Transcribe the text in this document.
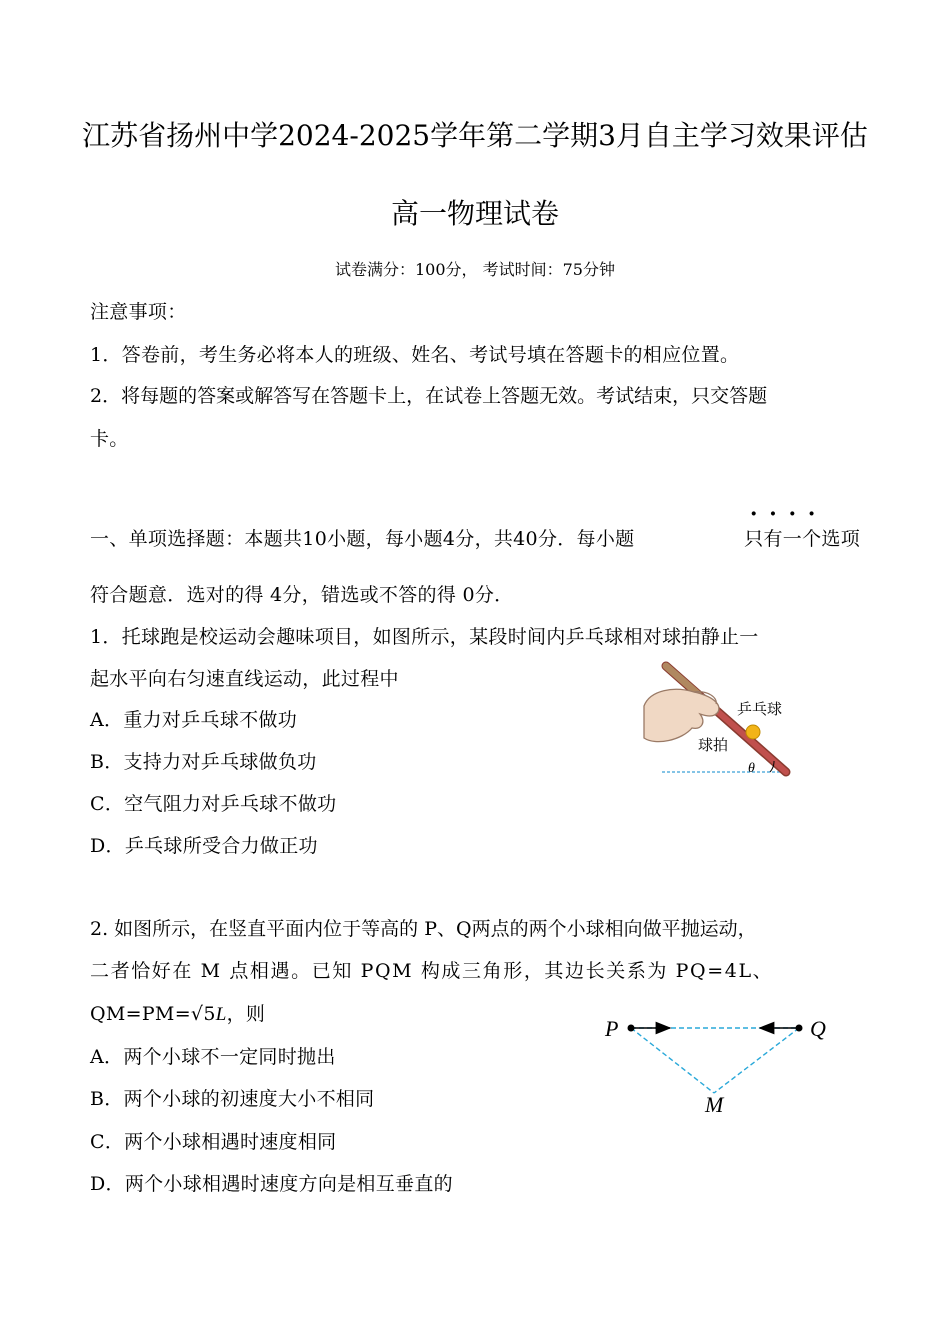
江苏省扬州中学2024-2025学年第二学期3月自主学习效果评估
高一物理试卷
试卷满分：100分， 考试时间：75分钟
注意事项：
1．答卷前，考生务必将本人的班级、姓名、考试号填在答题卡的相应位置。
2．将每题的答案或解答写在答题卡上，在试卷上答题无效。考试结束，只交答题
卡。
一、单项选择题：本题共10小题，每小题4分，共40分．每小题	· 只 · 有 · 一 · 个 选项
符合题意．选对的得 4分，错选或不答的得 0分．
1．托球跑是校运动会趣味项目，如图所示，某段时间内乒乓球相对球拍静止一
起水平向右匀速直线运动，此过程中
A．重力对乒乓球不做功
B．支持力对乒乓球做负功
C．空气阻力对乒乓球不做功
D．乒乓球所受合力做正功
乒乓球
球拍
θ
2. 如图所示，在竖直平面内位于等高的 P、Q两点的两个小球相向做平抛运动，
二者恰好在 M 点相遇。已知 PQM 构成三角形，其边长关系为 PQ=4L、
QM=PM=√5L，则
A．两个小球不一定同时抛出
B．两个小球的初速度大小不相同
C．两个小球相遇时速度相同
D．两个小球相遇时速度方向是相互垂直的
P	Q
M
